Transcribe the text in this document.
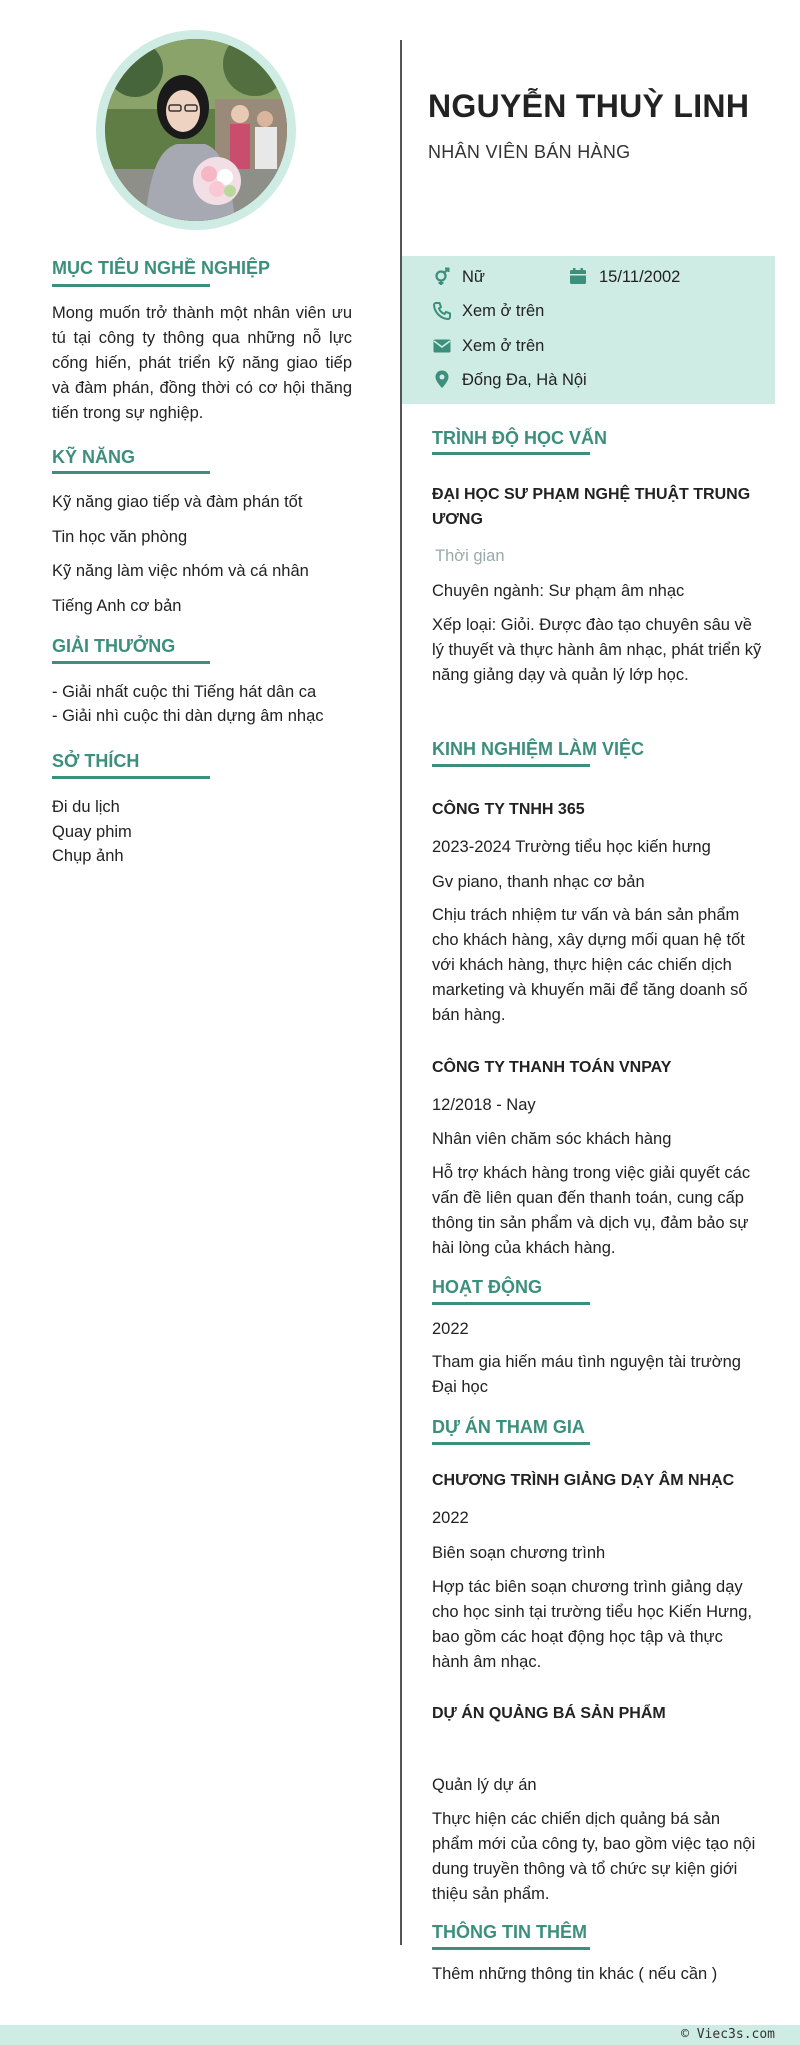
MỤC TIÊU NGHỀ NGHIỆP
Mong muốn trở thành một nhân viên ưu tú tại công ty thông qua những nỗ lực cống hiến, phát triển kỹ năng giao tiếp và đàm phán, đồng thời có cơ hội thăng tiến trong sự nghiệp.
KỸ NĂNG
Kỹ năng giao tiếp và đàm phán tốt
Tin học văn phòng
Kỹ năng làm việc nhóm và cá nhân
Tiếng Anh cơ bản
GIẢI THƯỞNG
- Giải nhất cuộc thi Tiếng hát dân ca
- Giải nhì cuộc thi dàn dựng âm nhạc
SỞ THÍCH
Đi du lịch
Quay phim
Chụp ảnh
NGUYỄN THUỲ LINH
NHÂN VIÊN BÁN HÀNG
Nữ	15/11/2002
Xem ở trên
Xem ở trên
Đống Đa, Hà Nội
TRÌNH ĐỘ HỌC VẤN
ĐẠI HỌC SƯ PHẠM NGHỆ THUẬT TRUNG ƯƠNG
Thời gian
Chuyên ngành: Sư phạm âm nhạc
Xếp loại: Giỏi. Được đào tạo chuyên sâu về lý thuyết và thực hành âm nhạc, phát triển kỹ năng giảng dạy và quản lý lớp học.
KINH NGHIỆM LÀM VIỆC
CÔNG TY TNHH 365
2023-2024 Trường tiểu học kiến hưng
Gv piano, thanh nhạc cơ bản
Chịu trách nhiệm tư vấn và bán sản phẩm cho khách hàng, xây dựng mối quan hệ tốt với khách hàng, thực hiện các chiến dịch marketing và khuyến mãi để tăng doanh số bán hàng.
CÔNG TY THANH TOÁN VNPAY
12/2018 - Nay
Nhân viên chăm sóc khách hàng
Hỗ trợ khách hàng trong việc giải quyết các vấn đề liên quan đến thanh toán, cung cấp thông tin sản phẩm và dịch vụ, đảm bảo sự hài lòng của khách hàng.
HOẠT ĐỘNG
2022
Tham gia hiến máu tình nguyện tài trường Đại học
DỰ ÁN THAM GIA
CHƯƠNG TRÌNH GIẢNG DẠY ÂM NHẠC
2022
Biên soạn chương trình
Hợp tác biên soạn chương trình giảng dạy cho học sinh tại trường tiểu học Kiến Hưng, bao gồm các hoạt động học tập và thực hành âm nhạc.
DỰ ÁN QUẢNG BÁ SẢN PHẨM
Quản lý dự án
Thực hiện các chiến dịch quảng bá sản phẩm mới của công ty, bao gồm việc tạo nội dung truyền thông và tổ chức sự kiện giới thiệu sản phẩm.
THÔNG TIN THÊM
Thêm những thông tin khác ( nếu cần )
© Viec3s.com
